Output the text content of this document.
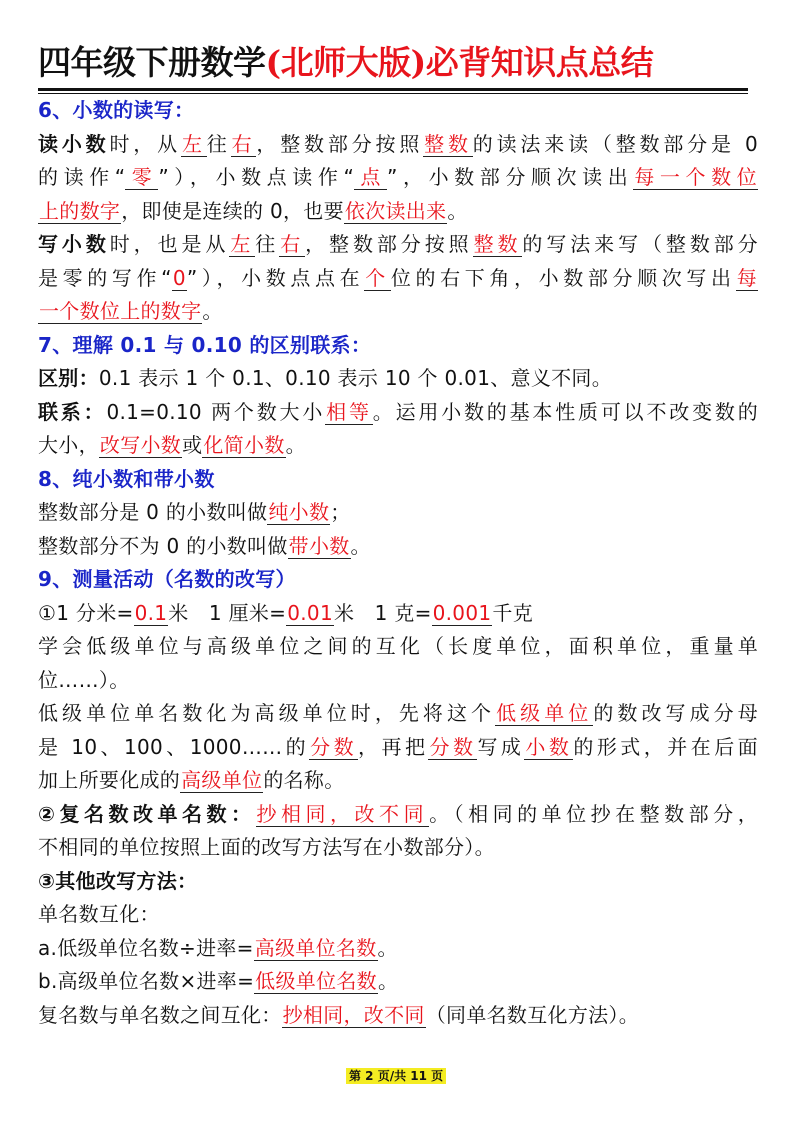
四年级下册数学(北师大版)必背知识点总结
6、小数的读写：
读小数时，从左往右，整数部分按照整数的读法来读（整数部分是 0
的读作“零”），小数点读作“点”，小数部分顺次读出每一个数位
上的数字，即使是连续的 0，也要依次读出来。
写小数时，也是从左往右，整数部分按照整数的写法来写（整数部分
是零的写作“0”），小数点点在个位的右下角，小数部分顺次写出每
一个数位上的数字。
7、理解 0.1 与 0.10 的区别联系：
区别：0.1 表示 1 个 0.1、0.10 表示 10 个 0.01、意义不同。
联系：0.1=0.10 两个数大小相等。运用小数的基本性质可以不改变数的
大小，改写小数或化简小数。
8、纯小数和带小数
整数部分是 0 的小数叫做纯小数；
整数部分不为 0 的小数叫做带小数。
9、测量活动（名数的改写）
①1 分米=0.1米　1 厘米=0.01米　1 克=0.001千克
学会低级单位与高级单位之间的互化（长度单位，面积单位，重量单
位……）。
低级单位单名数化为高级单位时，先将这个低级单位的数改写成分母
是 10、100、1000……的分数，再把分数写成小数的形式，并在后面
加上所要化成的高级单位的名称。
②复名数改单名数：抄相同，改不同。（相同的单位抄在整数部分，
不相同的单位按照上面的改写方法写在小数部分）。
③其他改写方法：
单名数互化：
a.低级单位名数÷进率=高级单位名数。
b.高级单位名数×进率=低级单位名数。
复名数与单名数之间互化：抄相同，改不同（同单名数互化方法）。
第 2 页/共 11 页
